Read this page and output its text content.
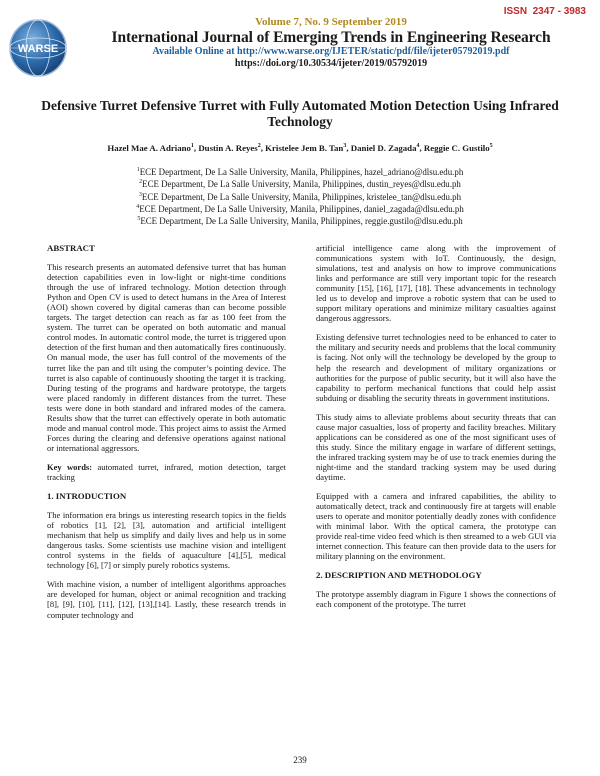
ISSN  2347 - 3983
WARSE
Volume 7, No. 9 September 2019
International Journal of Emerging Trends in Engineering Research
Available Online at http://www.warse.org/IJETER/static/pdf/file/ijeter05792019.pdf
https://doi.org/10.30534/ijeter/2019/05792019
Defensive Turret Defensive Turret with Fully Automated Motion Detection Using Infrared Technology
Hazel Mae A. Adriano$^1$, Dustin A. Reyes$^2$, Kristelee Jem B. Tan$^3$, Daniel D. Zagada$^4$, Reggie C. Gustilo$^5$
$^1$ECE Department, De La Salle University, Manila, Philippines, hazel_adriano@dlsu.edu.ph
$^2$ECE Department, De La Salle University, Manila, Philippines, dustin_reyes@dlsu.edu.ph
$^3$ECE Department, De La Salle University, Manila, Philippines, kristelee_tan@dlsu.edu.ph
$^4$ECE Department, De La Salle University, Manila, Philippines, daniel_zagada@dlsu.edu.ph
$^5$ECE Department, De La Salle University, Manila, Philippines, reggie.gustilo@dlsu.edu.ph
ABSTRACT

This research presents an automated defensive turret that has human detection capabilities even in low-light or night-time conditions through the use of infrared technology. Motion detection through Python and Open CV is used to detect humans in the Area of Interest (AOI) shown covered by digital cameras than can become possible targets. The target detection can reach as far as 100 feet from the system. The turret can be operated on both automatic and manual control modes. In automatic control mode, the turret is triggered upon detection of the first human and then automatically fires continuously. On manual mode, the user has full control of the movements of the turret like the pan and tilt using the computer’s pointing device. The turret is also capable of continuously shooting the target it is tracking. During testing of the programs and hardware prototype, the targets were placed randomly in different distances from the turret. These tests were done in both standard and infrared modes of the camera. Results show that the turret can effectively operate in both automatic mode and manual control mode. This project aims to assist the Armed Forces during the clearing and defensive operations against national or international aggressors.

Key words: automated turret, infrared, motion detection, target tracking

1. INTRODUCTION

The information era brings us interesting research topics in the fields of robotics [1], [2], [3], automation and artificial intelligent mechanism that help us simplify and daily lives and help us in some dangerous tasks. Some scientists use machine vision and intelligent control systems in the fields of aquaculture [4],[5], medical technology [6], [7] or simply purely robotics systems.

With machine vision, a number of intelligent algorithms approaches are developed for human, object or animal recognition and tracking [8], [9], [10], [11], [12], [13],[14]. Lastly, these research trends in computer technology and

artificial intelligence came along with the improvement of communications system with IoT. Continuously, the design, simulations, test and analysis on how to improve communications links and performance are still very important topic for the research community [15], [16], [17], [18]. These advancements in technology led us to develop and improve a robotic system that can be used to support military operations and minimize military casualties against dangerous aggressors.

Existing defensive turret technologies need to be enhanced to cater to the military and security needs and problems that the local community is facing. Not only will the technology be developed by the group to help the research and development of military organizations or authorities for the purpose of public security, but it will also have the capability to perform mechanical functions that could help assist subduing or disabling the security threats in government institutions.

This study aims to alleviate problems about security threats that can cause major casualties, loss of property and facility breaches. Military applications can be considered as one of the most significant uses of this study. Since the military engage in warfare of different settings, the infrared tracking system may be of use to track enemies during the night-time and the standard tracking system may be used during daytime.

Equipped with a camera and infrared capabilities, the ability to automatically detect, track and continuously fire at targets will enable users to operate and monitor potentially deadly zones with confidence with minimal labor. With the optical camera, the prototype can provide real-time video feed which is then streamed to a web GUI via internet connection. This feature can then provide data to the users for military planning on the environment.

2. DESCRIPTION AND METHODOLOGY

The prototype assembly diagram in Figure 1 shows the connections of each component of the prototype. The turret

239
